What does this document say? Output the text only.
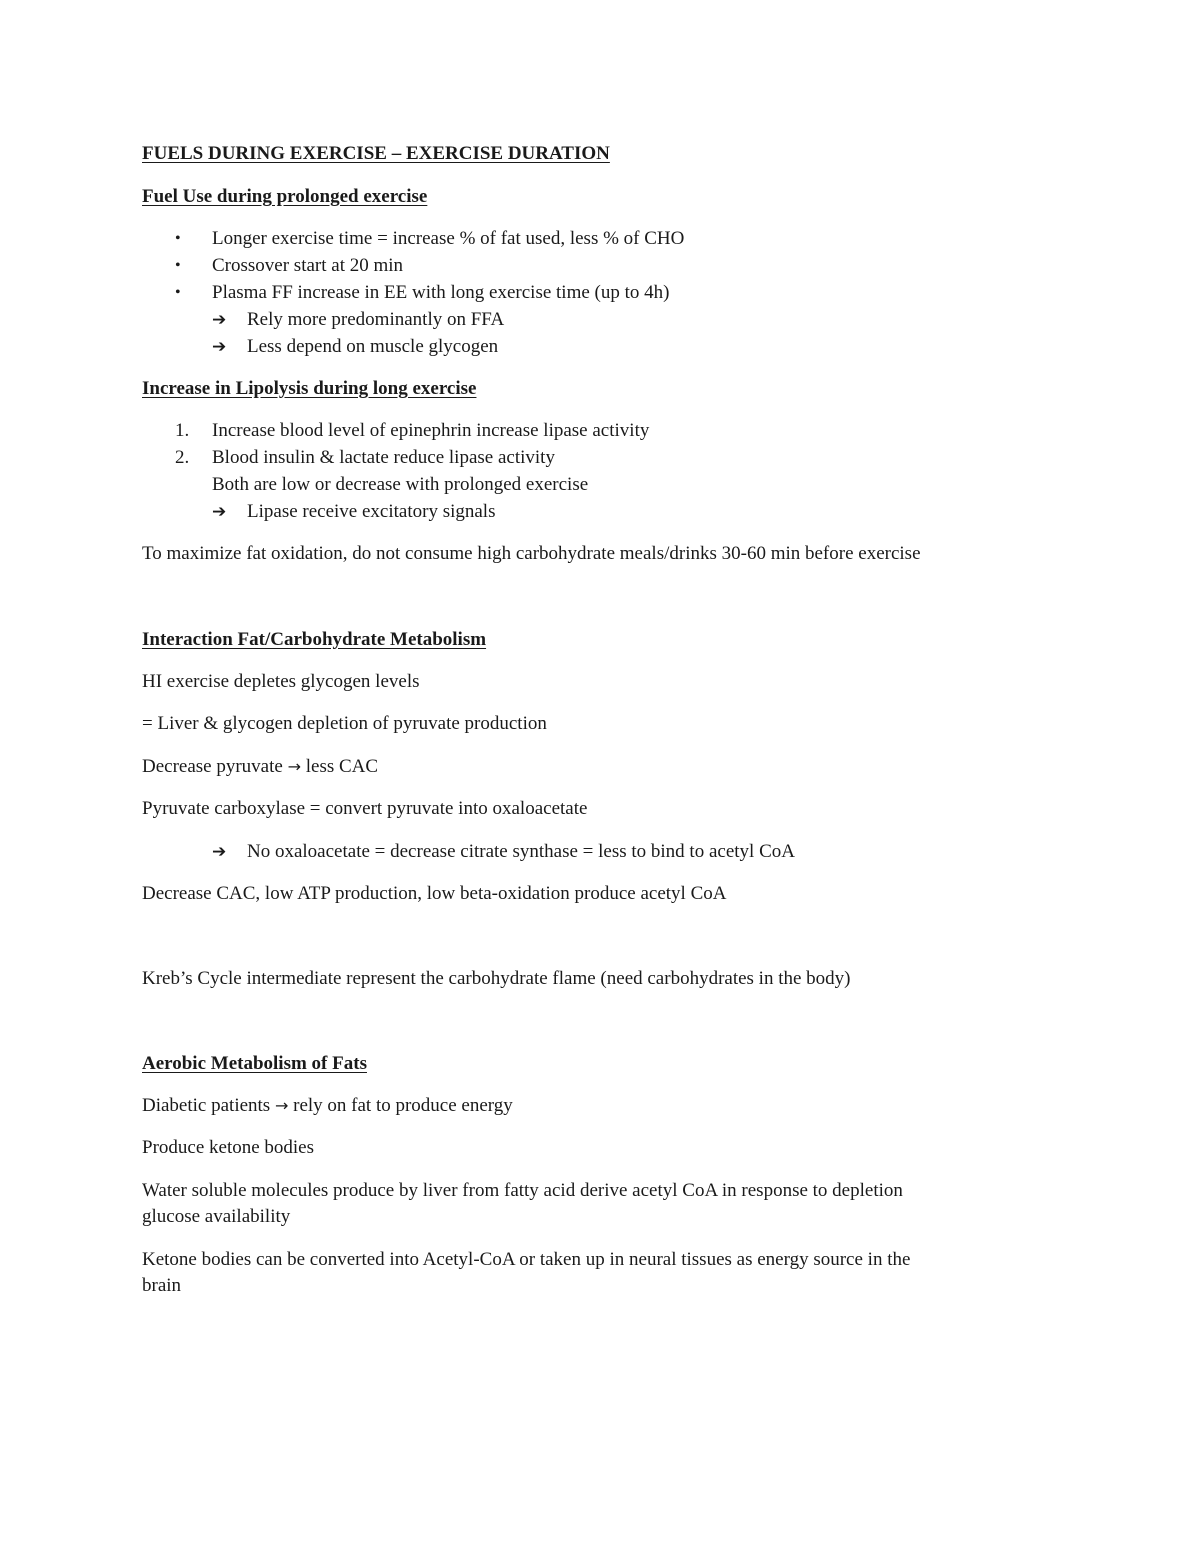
FUELS DURING EXERCISE – EXERCISE DURATION
Fuel Use during prolonged exercise
• Longer exercise time = increase % of fat used, less % of CHO
• Crossover start at 20 min
• Plasma FF increase in EE with long exercise time (up to 4h)
➔ Rely more predominantly on FFA
➔ Less depend on muscle glycogen
Increase in Lipolysis during long exercise
1. Increase blood level of epinephrin increase lipase activity
2. Blood insulin & lactate reduce lipase activity
Both are low or decrease with prolonged exercise
➔ Lipase receive excitatory signals
To maximize fat oxidation, do not consume high carbohydrate meals/drinks 30-60 min before exercise
Interaction Fat/Carbohydrate Metabolism
HI exercise depletes glycogen levels
= Liver & glycogen depletion of pyruvate production
Decrease pyruvate → less CAC
Pyruvate carboxylase = convert pyruvate into oxaloacetate
➔ No oxaloacetate = decrease citrate synthase = less to bind to acetyl CoA
Decrease CAC, low ATP production, low beta-oxidation produce acetyl CoA
Kreb’s Cycle intermediate represent the carbohydrate flame (need carbohydrates in the body)
Aerobic Metabolism of Fats
Diabetic patients → rely on fat to produce energy
Produce ketone bodies
Water soluble molecules produce by liver from fatty acid derive acetyl CoA in response to depletion
glucose availability
Ketone bodies can be converted into Acetyl-CoA or taken up in neural tissues as energy source in the
brain
